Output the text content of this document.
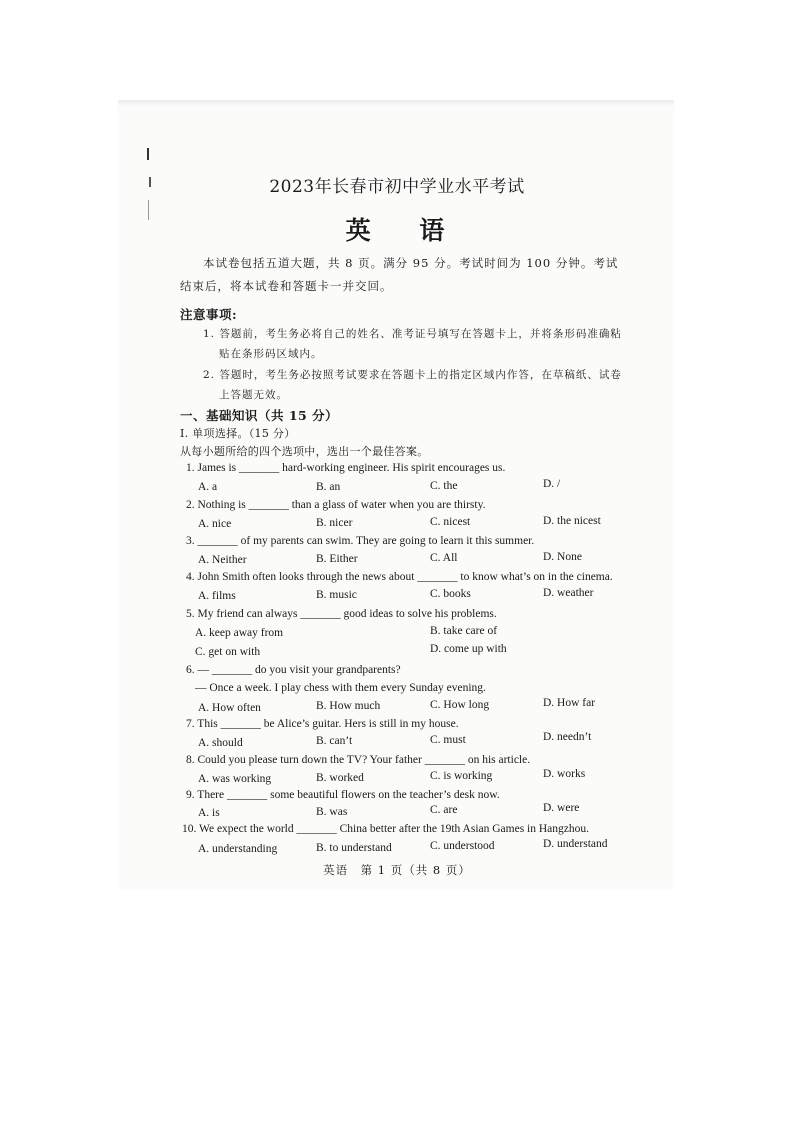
2023年长春市初中学业水平考试
英 语
本试卷包括五道大题，共 8 页。满分 95 分。考试时间为 100 分钟。考试
结束后，将本试卷和答题卡一并交回。
注意事项:
1. 答题前，考生务必将自己的姓名、准考证号填写在答题卡上，并将条形码准确粘
贴在条形码区域内。
2. 答题时，考生务必按照考试要求在答题卡上的指定区域内作答，在草稿纸、试卷
上答题无效。
一、基础知识（共 15 分）
I. 单项选择。（15 分）
从每小题所给的四个选项中，选出一个最佳答案。
1. James is _______ hard-working engineer. His spirit encourages us.
A. a	B. an	C. the	D. /
2. Nothing is _______ than a glass of water when you are thirsty.
A. nice	B. nicer	C. nicest	D. the nicest
3. _______ of my parents can swim. They are going to learn it this summer.
A. Neither	B. Either	C. All	D. None
4. John Smith often looks through the news about _______ to know what’s on in the cinema.
A. films	B. music	C. books	D. weather
5. My friend can always _______ good ideas to solve his problems.
A. keep away from	B. take care of
C. get on with	D. come up with
6. — _______ do you visit your grandparents?
— Once a week. I play chess with them every Sunday evening.
A. How often	B. How much	C. How long	D. How far
7. This _______ be Alice’s guitar. Hers is still in my house.
A. should	B. can’t	C. must	D. needn’t
8. Could you please turn down the TV? Your father _______ on his article.
A. was working	B. worked	C. is working	D. works
9. There _______ some beautiful flowers on the teacher’s desk now.
A. is	B. was	C. are	D. were
10. We expect the world _______ China better after the 19th Asian Games in Hangzhou.
A. understanding	B. to understand	C. understood	D. understand
英语　第 1 页（共 8 页）
